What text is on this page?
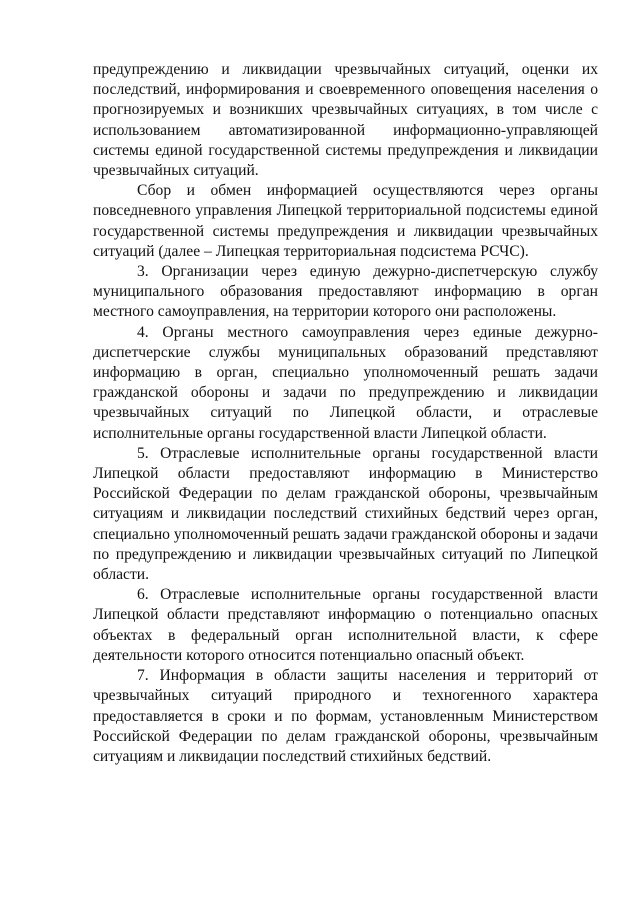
предупреждению и ликвидации чрезвычайных ситуаций, оценки их последствий, информирования и своевременного оповещения населения о прогнозируемых и возникших чрезвычайных ситуациях, в том числе с использованием автоматизированной информационно-управляющей системы единой государственной системы предупреждения и ликвидации чрезвычайных ситуаций.

Сбор и обмен информацией осуществляются через органы повседневного управления Липецкой территориальной подсистемы единой государственной системы предупреждения и ликвидации чрезвычайных ситуаций (далее – Липецкая территориальная подсистема РСЧС).

3. Организации через единую дежурно-диспетчерскую службу муниципального образования предоставляют информацию в орган местного самоуправления, на территории которого они расположены.

4. Органы местного самоуправления через единые дежурно-диспетчерские службы муниципальных образований представляют информацию в орган, специально уполномоченный решать задачи гражданской обороны и задачи по предупреждению и ликвидации чрезвычайных ситуаций по Липецкой области, и отраслевые исполнительные органы государственной власти Липецкой области.

5. Отраслевые исполнительные органы государственной власти Липецкой области предоставляют информацию в Министерство Российской Федерации по делам гражданской обороны, чрезвычайным ситуациям и ликвидации последствий стихийных бедствий через орган, специально уполномоченный решать задачи гражданской обороны и задачи по предупреждению и ликвидации чрезвычайных ситуаций по Липецкой области.

6. Отраслевые исполнительные органы государственной власти Липецкой области представляют информацию о потенциально опасных объектах в федеральный орган исполнительной власти, к сфере деятельности которого относится потенциально опасный объект.

7. Информация в области защиты населения и территорий от чрезвычайных ситуаций природного и техногенного характера предоставляется в сроки и по формам, установленным Министерством Российской Федерации по делам гражданской обороны, чрезвычайным ситуациям и ликвидации последствий стихийных бедствий.
